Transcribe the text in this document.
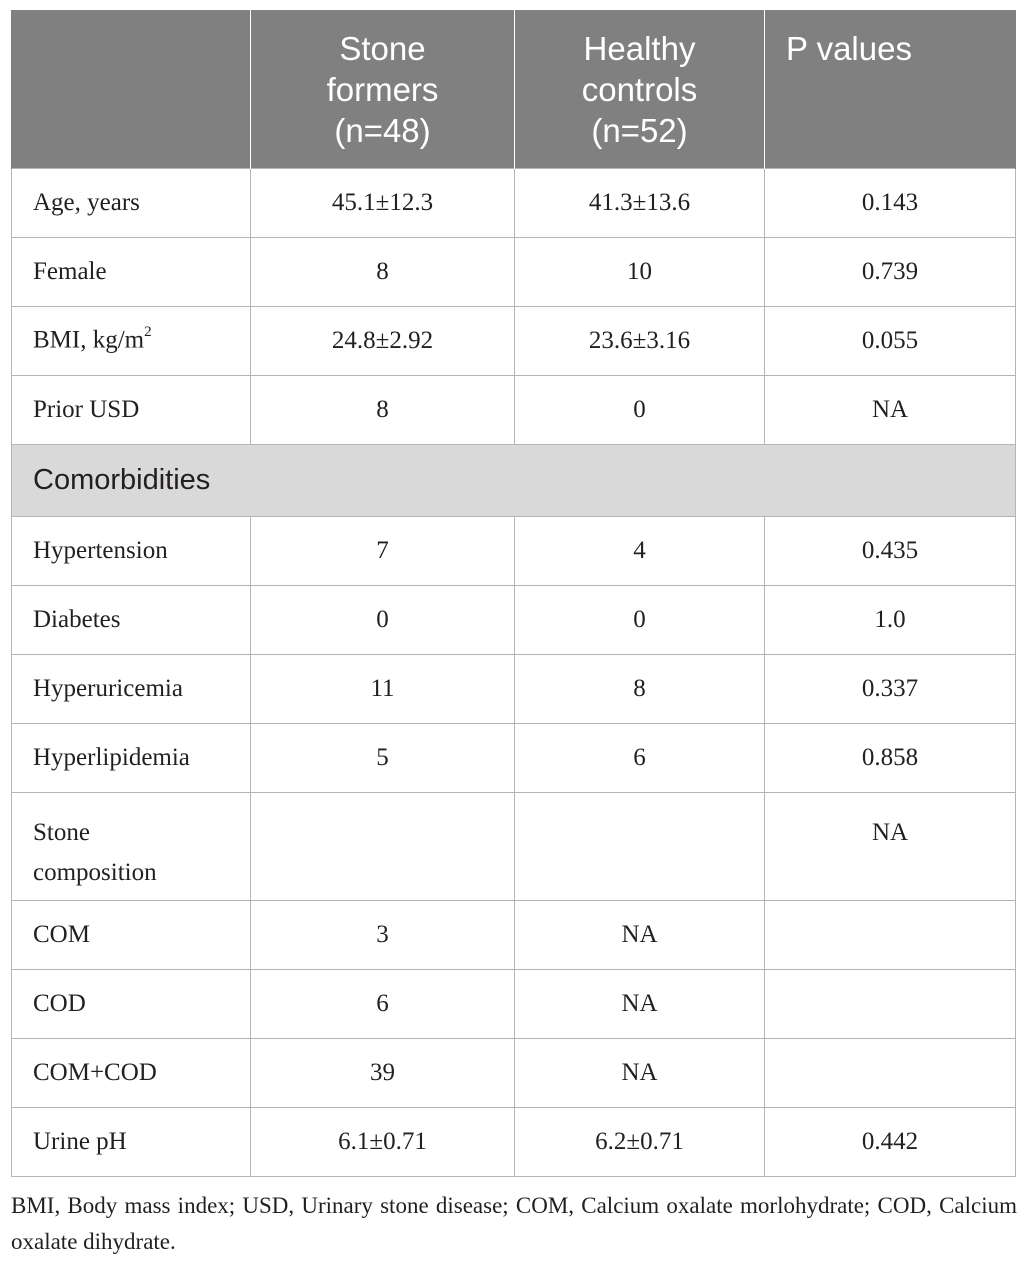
	Stone formers (n=48)	Healthy controls (n=52)	P values
Age, years	45.1±12.3	41.3±13.6	0.143
Female	8	10	0.739
BMI, $kg/m^2$	24.8±2.92	23.6±3.16	0.055
Prior USD	8	0	NA
Comorbidities			
Hypertension	7	4	0.435
Diabetes	0	0	1.0
Hyperuricemia	11	8	0.337
Hyperlipidemia	5	6	0.858

Stone composition			NA
COM	3	NA	
COD	6	NA	
COM+COD	39	NA	
Urine pH	6.1±0.71	6.2±0.71	0.442
BMI, Body mass index; USD, Urinary stone disease; COM, Calcium oxalate morlohydrate; COD, Calcium oxalate dihydrate.
